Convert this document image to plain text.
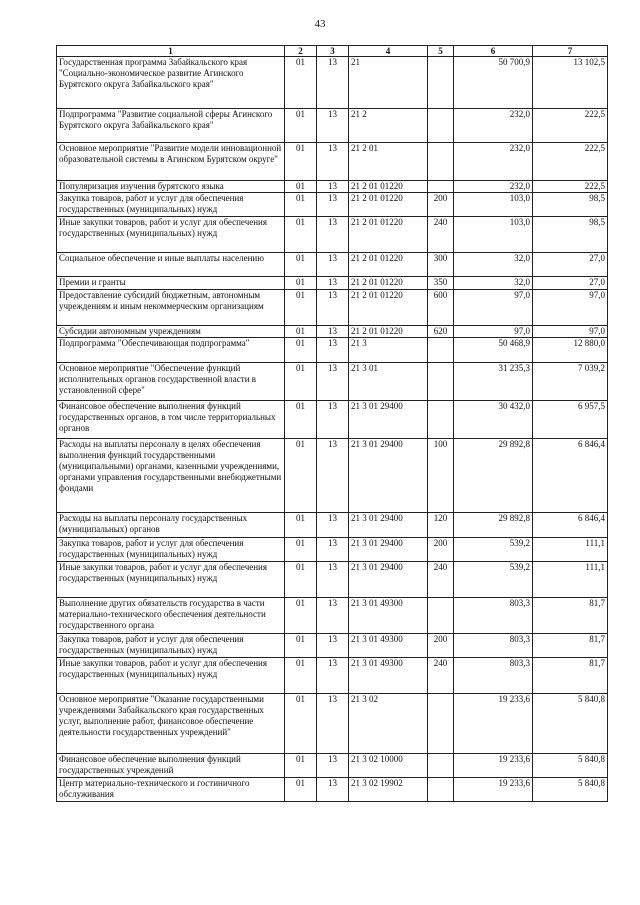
43
1	2	3	4	5	6	7
Государственная программа Забайкальского края "Социально-экономическое развитие Агинского Бурятского округа Забайкальского края"	01	13	21		50 700,9	13 102,5
Подпрограмма "Развитие социальной сферы Агинского Бурятского округа Забайкальского края"	01	13	21 2		232,0	222,5
Основное мероприятие "Развитие модели инновационной образовательной системы в Агинском Бурятском округе"	01	13	21 2 01		232,0	222,5
Популяризация изучения бурятского языка	01	13	21 2 01 01220		232,0	222,5
Закупка товаров, работ и услуг для обеспечения государственных (муниципальных) нужд	01	13	21 2 01 01220	200	103,0	98,5
Иные закупки товаров, работ и услуг для обеспечения государственных (муниципальных) нужд	01	13	21 2 01 01220	240	103,0	98,5
Социальное обеспечение и иные выплаты населению	01	13	21 2 01 01220	300	32,0	27,0
Премии и гранты	01	13	21 2 01 01220	350	32,0	27,0
Предоставление субсидий бюджетным, автономным учреждениям и иным некоммерческим организациям	01	13	21 2 01 01220	600	97,0	97,0
Субсидии автономным учреждениям	01	13	21 2 01 01220	620	97,0	97,0
Подпрограмма "Обеспечивающая подпрограмма"	01	13	21 3		50 468,9	12 880,0
Основное мероприятие "Обеспечение функций исполнительных органов государственной власти в установленной сфере"	01	13	21 3 01		31 235,3	7 039,2
Финансовое обеспечение выполнения функций государственных органов, в том числе территориальных органов	01	13	21 3 01 29400		30 432,0	6 957,5
Расходы на выплаты персоналу в целях обеспечения выполнения функций государственными (муниципальными) органами, казенными учреждениями, органами управления государственными внебюджетными фондами	01	13	21 3 01 29400	100	29 892,8	6 846,4
Расходы на выплаты персоналу государственных (муниципальных) органов	01	13	21 3 01 29400	120	29 892,8	6 846,4
Закупка товаров, работ и услуг для обеспечения государственных (муниципальных) нужд	01	13	21 3 01 29400	200	539,2	111,1
Иные закупки товаров, работ и услуг для обеспечения государственных (муниципальных) нужд	01	13	21 3 01 29400	240	539,2	111,1
Выполнение других обязательств государства в части материально-технического обеспечения деятельности государственного органа	01	13	21 3 01 49300		803,3	81,7
Закупка товаров, работ и услуг для обеспечения государственных (муниципальных) нужд	01	13	21 3 01 49300	200	803,3	81,7
Иные закупки товаров, работ и услуг для обеспечения государственных (муниципальных) нужд	01	13	21 3 01 49300	240	803,3	81,7
Основное мероприятие "Оказание государственными учреждениями Забайкальского края государственных услуг, выполнение работ, финансовое обеспечение деятельности государственных учреждений"	01	13	21 3 02		19 233,6	5 840,8
Финансовое обеспечение выполнения функций государственных учреждений	01	13	21 3 02 10000		19 233,6	5 840,8
Центр материально-технического и гостиничного обслуживания	01	13	21 3 02 19902		19 233,6	5 840,8
